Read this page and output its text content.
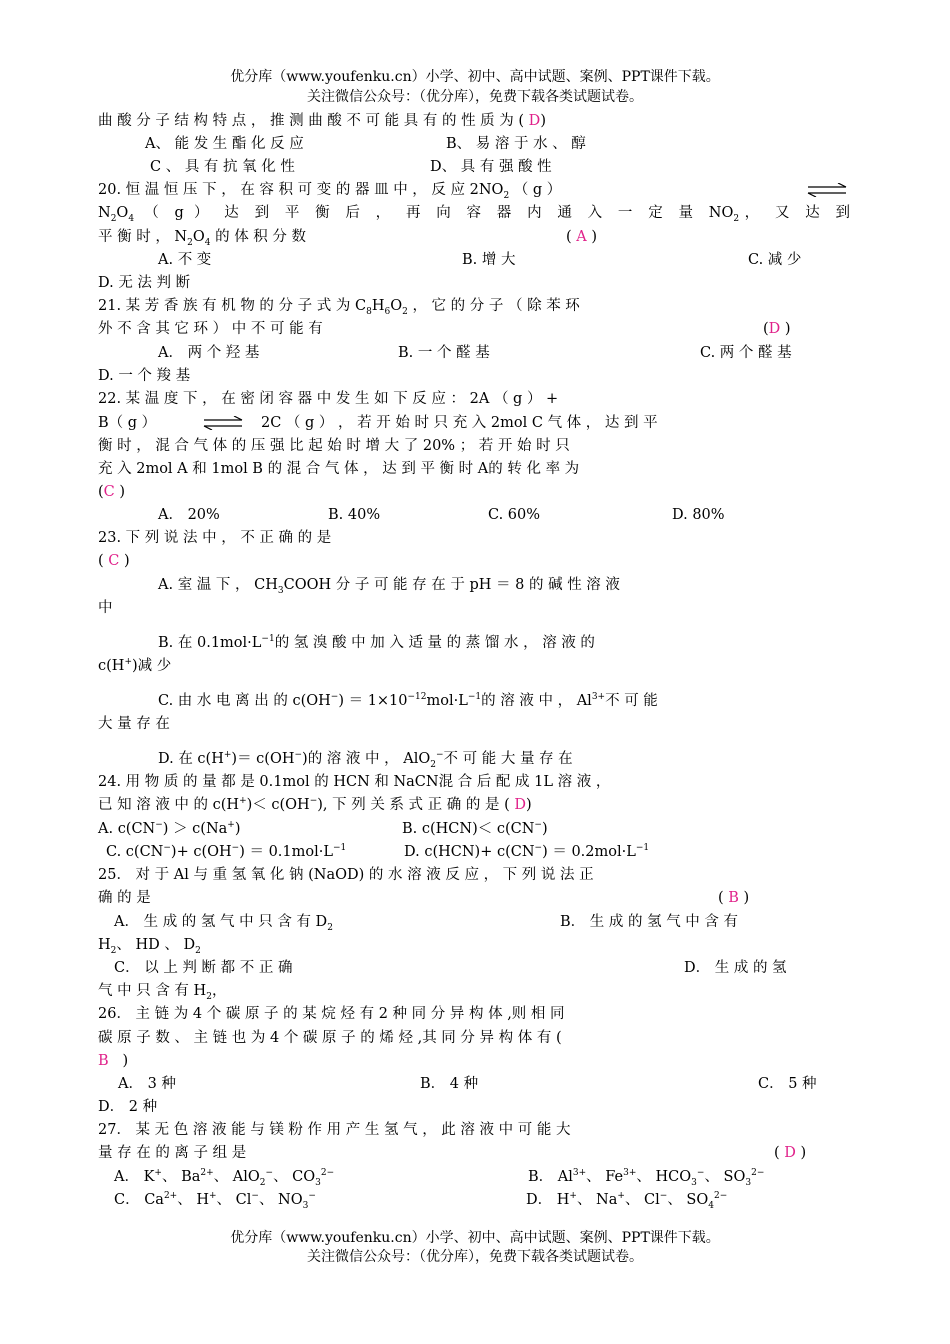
优分库（www.youfenku.cn）小学、初中、高中试题、案例、PPT课件下载。
关注微信公众号：（优分库），免费下载各类试题试卷。
曲 酸 分 子 结 构 特 点 ， 推 测 曲 酸 不 可 能 具 有 的 性 质 为 ( D)
A、 能 发 生 酯 化 反 应	B、 易 溶 于 水 、 醇
C 、 具 有 抗 氧 化 性	D、 具 有 强 酸 性
20. 恒 温 恒 压 下 ， 在 容 积 可 变 的 器 皿 中 ， 反 应 $2NO_2$ （ g ）
$N_2O_4$ （ g ） 达 到 平 衡 后 ， 再 向 容 器 内 通 入 一 定 量 $NO_2$， 又 达 到
平 衡 时 ， $N_2O_4$ 的 体 积 分 数	( A )
A. 不 变	B. 增 大	C. 减 少
D. 无 法 判 断
21. 某 芳 香 族 有 机 物 的 分 子 式 为 $C_8H_6O_2$ ， 它 的 分 子 （ 除 苯 环
外 不 含 其 它 环 ） 中 不 可 能 有	(D )
A． 两 个 羟 基	B. 一 个 醛 基	C. 两 个 醛 基
D. 一 个 羧 基
22. 某 温 度 下 ， 在 密 闭 容 器 中 发 生 如 下 反 应 ： 2A （ g ） +
B（ g ）	⇌ 2C （ g ） ， 若 开 始 时 只 充 入 2mol C 气 体 ， 达 到 平
衡 时 ， 混 合 气 体 的 压 强 比 起 始 时 增 大 了 20% ； 若 开 始 时 只
充 入 2mol A 和 1mol B 的 混 合 气 体 ， 达 到 平 衡 时 A的 转 化 率 为
(C )
A． 20%	B. 40%	C. 60%	D. 80%
23. 下 列 说 法 中 ， 不 正 确 的 是
( C )
A. 室 温 下 ， $CH_3COOH$ 分 子 可 能 存 在 于 pH ＝ 8 的 碱 性 溶 液
中
B. 在 $0.1mol\cdot L^{-1}$的 氢 溴 酸 中 加 入 适 量 的 蒸 馏 水 ， 溶 液 的
c(H+)减 少
C. 由 水 电 离 出 的 $c(OH^-) = 1\times 10^{-12}mol\cdot L^{-1}$的 溶 液 中 ， $Al^{3+}$不 可 能
大 量 存 在
D. 在 c(H+)＝ c(OH−)的 溶 液 中 ， AlO$_2$−不 可 能 大 量 存 在
24. 用 物 质 的 量 都 是 0.1mol 的 HCN 和 NaCN混 合 后 配 成 1L 溶 液 ，
已 知 溶 液 中 的 c(H+)＜ c(OH−), 下 列 关 系 式 正 确 的 是 ( D)
A. c(CN−) ＞ c(Na+)	B. c(HCN)＜ c(CN−)
C. $c(CN^-)+ c(OH^-) = 0.1mol\cdot L^{-1}$	D. $c(HCN)+ c(CN^-) = 0.2mol\cdot L^{-1}$
25． 对 于 Al 与 重 氢 氧 化 钠 (NaOD) 的 水 溶 液 反 应 ， 下 列 说 法 正
确 的 是	( B )
A． 生 成 的 氢 气 中 只 含 有 $D_2$	B． 生 成 的 氢 气 中 含 有
$H_2$、 HD 、 $D_2$
C． 以 上 判 断 都 不 正 确	D． 生 成 的 氢
气 中 只 含 有 $H_2$，
26． 主 链 为 4 个 碳 原 子 的 某 烷 烃 有 2 种 同 分 异 构 体 ,则 相 同
碳 原 子 数 、 主 链 也 为 4 个 碳 原 子 的 烯 烃 ,其 同 分 异 构 体 有 (
B )
A． 3 种	B． 4 种	C． 5 种
D． 2 种
27． 某 无 色 溶 液 能 与 镁 粉 作 用 产 生 氢 气 ， 此 溶 液 中 可 能 大
量 存 在 的 离 子 组 是	( D )
A． K+、 $Ba^{2+}$、 AlO$_2$−、 $CO_3^{2-}$	B． $Al^{3+}$、 $Fe^{3+}$、 $HCO_3^-$、 $SO_3^{2-}$
C． $Ca^{2+}$、 H+、 Cl−、 $NO_3^-$	D． H+、 Na+、 Cl−、 $SO_4^{2-}$
优分库（www.youfenku.cn）小学、初中、高中试题、案例、PPT课件下载。
关注微信公众号：（优分库），免费下载各类试题试卷。
